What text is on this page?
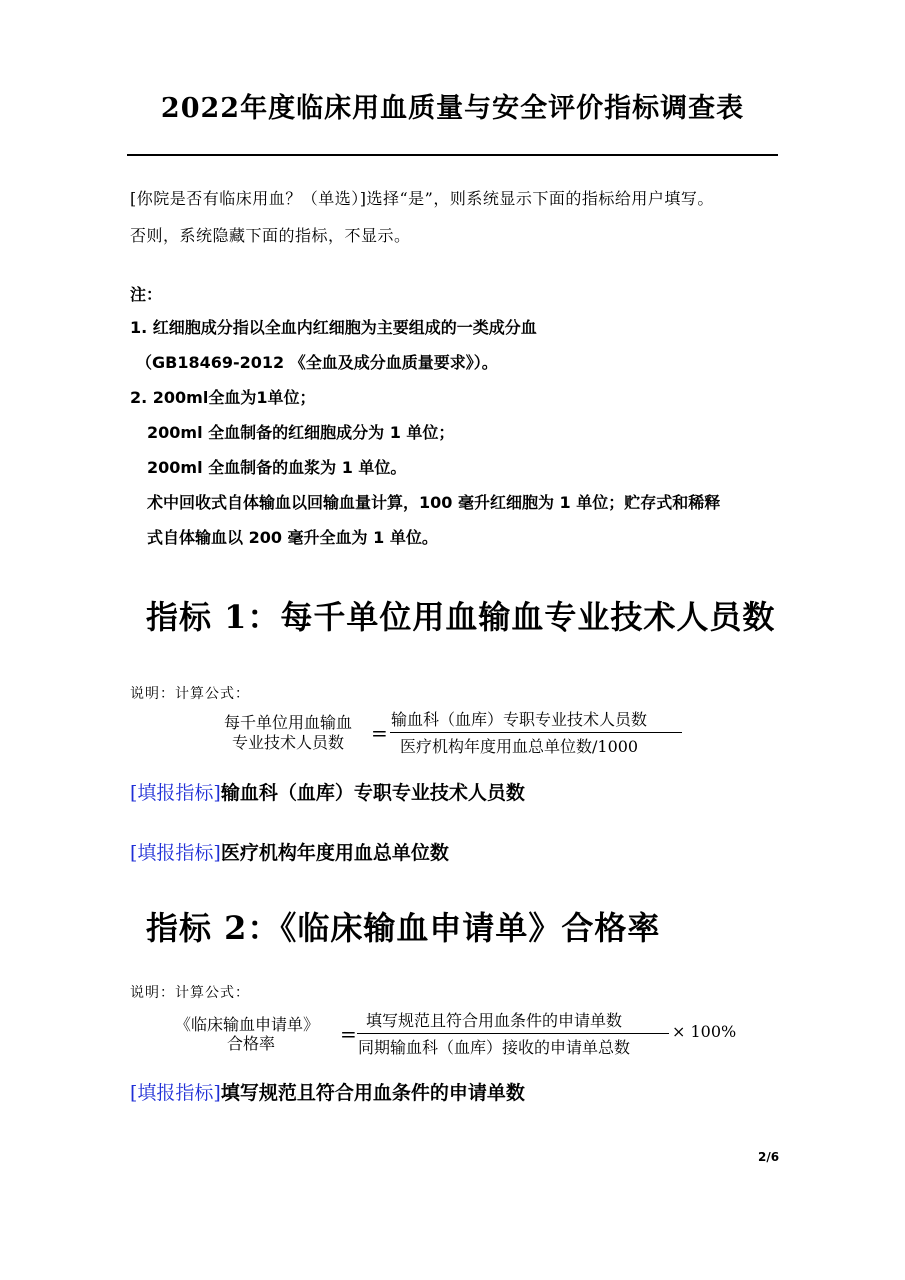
2022年度临床用血质量与安全评价指标调查表
[你院是否有临床用血？（单选）]选择“是”，则系统显示下面的指标给用户填写。
否则，系统隐藏下面的指标，不显示。
注：
1. 红细胞成分指以全血内红细胞为主要组成的一类成分血
（GB18469-2012 《全血及成分血质量要求》）。
2. 200ml全血为1单位；
200ml 全血制备的红细胞成分为 1 单位；
200ml 全血制备的血浆为 1 单位。
术中回收式自体输血以回输血量计算，100 毫升红细胞为 1 单位；贮存式和稀释
式自体输血以 200 毫升全血为 1 单位。
指标 1：每千单位用血输血专业技术人员数
说明：计算公式：
每千单位用血输血
专业技术人员数 =
输血科（血库）专职专业技术人员数
医疗机构年度用血总单位数/1000
[填报指标]输血科（血库）专职专业技术人员数
[填报指标]医疗机构年度用血总单位数
指标 2：《临床输血申请单》合格率
说明：计算公式：
《临床输血申请单》
合格率	=
填写规范且符合用血条件的申请单数
同期输血科（血库）接收的申请单总数
× 100%
[填报指标]填写规范且符合用血条件的申请单数
2/6
